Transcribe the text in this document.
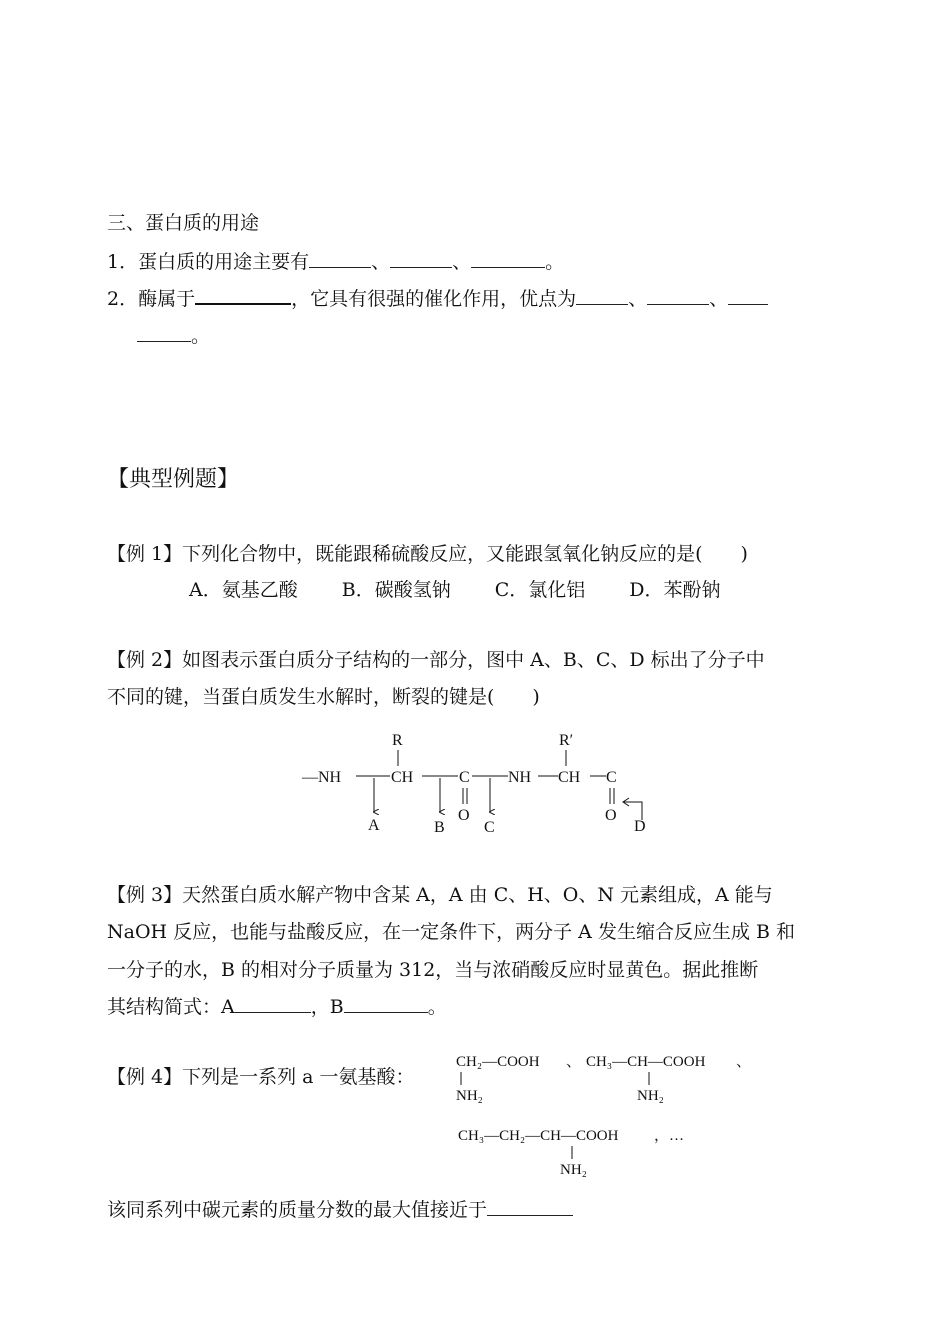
三、蛋白质的用途
1．蛋白质的用途主要有	、	、	。
2．酶属于	，它具有很强的催化作用，优点为	、	、
。
【典型例题】
【例 1】下列化合物中，既能跟稀硫酸反应，又能跟氢氧化钠反应的是(　　)
A．氨基乙酸 B．碳酸氢钠 C．氯化铝 D．苯酚钠
【例 2】如图表示蛋白质分子结构的一部分，图中 A、B、C、D 标出了分子中
不同的键，当蛋白质发生水解时，断裂的键是(　　)
R	R′
—NH	CH	C NH CH C
O	O
A	B C	D
【例 3】天然蛋白质水解产物中含某 A，A 由 C、H、O、N 元素组成，A 能与
NaOH 反应，也能与盐酸反应，在一定条件下，两分子 A 发生缩合反应生成 B 和
一分子的水，B 的相对分子质量为 312，当与浓硝酸反应时显黄色。据此推断
其结构简式：A	，B	。
【例 4】下列是一系列 a 一氨基酸：
CH₂—COOH
NH₂
、 CH₃—CH—COOH
NH₂
、
CH₃—CH₂—CH—COOH
NH₂
，…
该同系列中碳元素的质量分数的最大值接近于
